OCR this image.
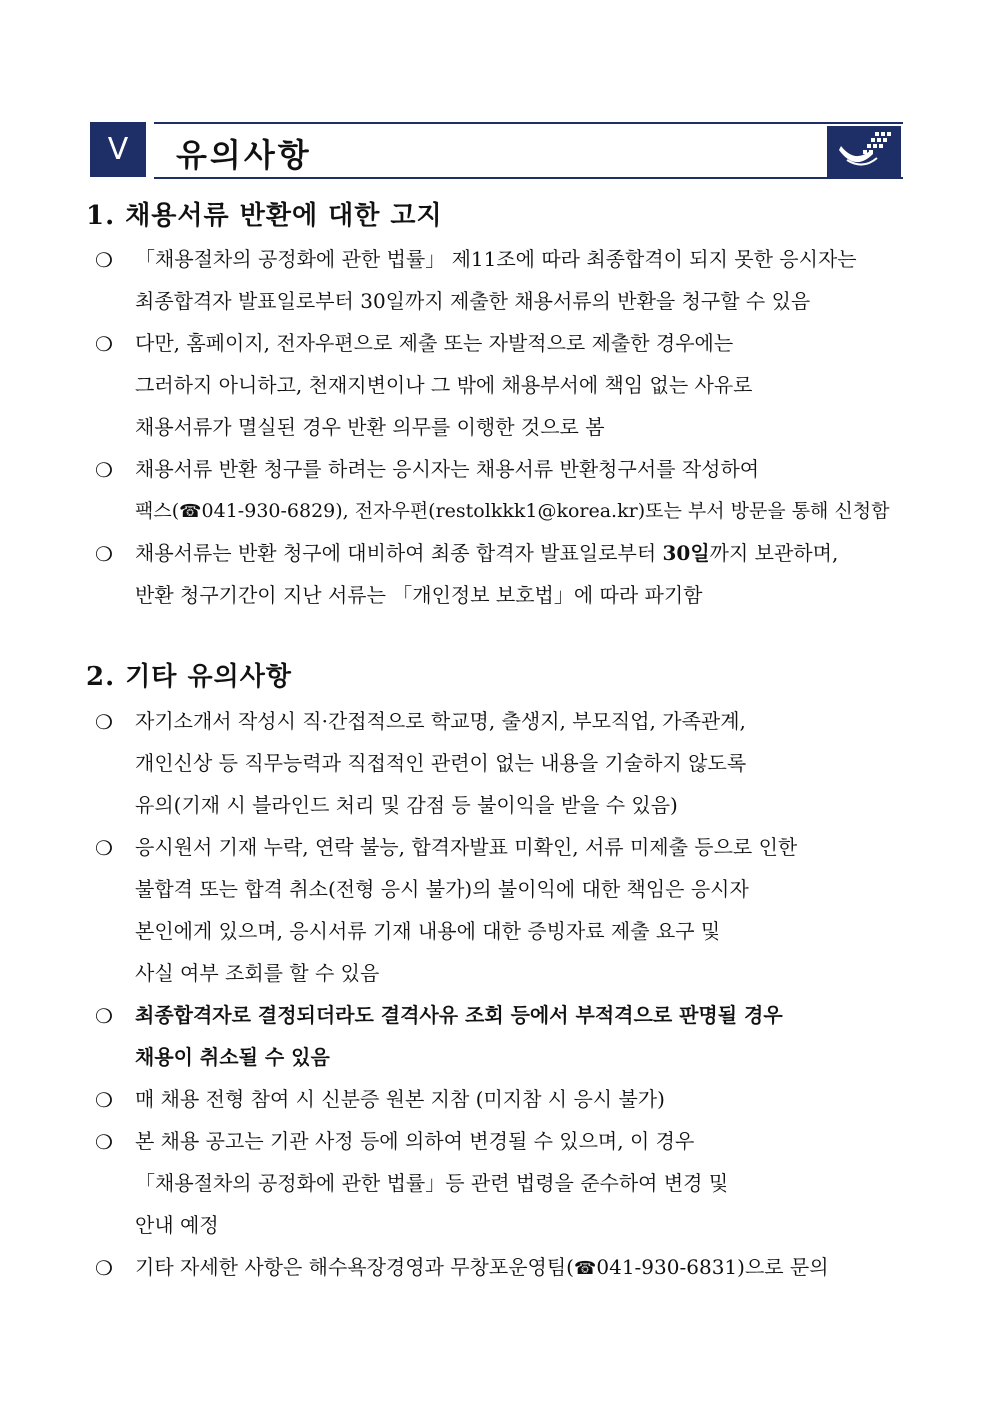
Ⅴ	유의사항
1. 채용서류 반환에 대한 고지
❍ 「채용절차의 공정화에 관한 법률」 제11조에 따라 최종합격이 되지 못한 응시자는
최종합격자 발표일로부터 30일까지 제출한 채용서류의 반환을 청구할 수 있음
❍ 다만, 홈페이지, 전자우편으로 제출 또는 자발적으로 제출한 경우에는
그러하지 아니하고, 천재지변이나 그 밖에 채용부서에 책임 없는 사유로
채용서류가 멸실된 경우 반환 의무를 이행한 것으로 봄
❍ 채용서류 반환 청구를 하려는 응시자는 채용서류 반환청구서를 작성하여
팩스(☎041-930-6829), 전자우편(restolkkk1@korea.kr)또는 부서 방문을 통해 신청함
❍ 채용서류는 반환 청구에 대비하여 최종 합격자 발표일로부터 30일까지 보관하며,
반환 청구기간이 지난 서류는 「개인정보 보호법」에 따라 파기함
2. 기타 유의사항
❍ 자기소개서 작성시 직·간접적으로 학교명, 출생지, 부모직업, 가족관계,
개인신상 등 직무능력과 직접적인 관련이 없는 내용을 기술하지 않도록
유의(기재 시 블라인드 처리 및 감점 등 불이익을 받을 수 있음)
❍ 응시원서 기재 누락, 연락 불능, 합격자발표 미확인, 서류 미제출 등으로 인한
불합격 또는 합격 취소(전형 응시 불가)의 불이익에 대한 책임은 응시자
본인에게 있으며, 응시서류 기재 내용에 대한 증빙자료 제출 요구 및
사실 여부 조회를 할 수 있음
❍ 최종합격자로 결정되더라도 결격사유 조회 등에서 부적격으로 판명될 경우
채용이 취소될 수 있음
❍ 매 채용 전형 참여 시 신분증 원본 지참 (미지참 시 응시 불가)
❍ 본 채용 공고는 기관 사정 등에 의하여 변경될 수 있으며, 이 경우
「채용절차의 공정화에 관한 법률」등 관련 법령을 준수하여 변경 및
안내 예정
❍ 기타 자세한 사항은 해수욕장경영과 무창포운영팀(☎041-930-6831)으로 문의
